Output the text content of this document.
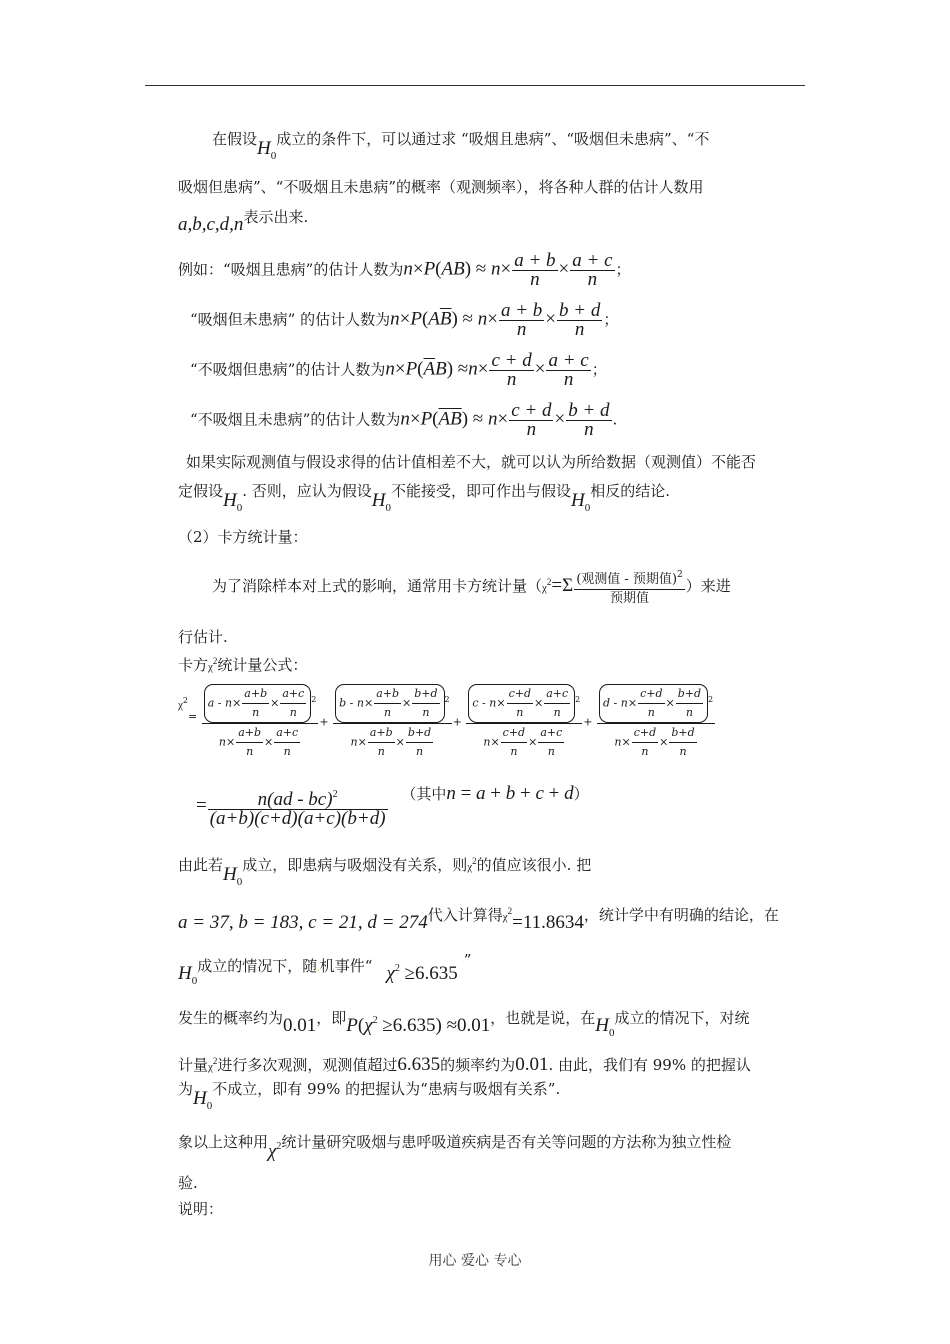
在假设$H_0$成立的条件下，可以通过求 “吸烟且患病”、“吸烟但未患病”、“不
吸烟但患病”、“不吸烟且未患病”的概率（观测频率），将各种人群的估计人数用
a,b,c,d,n表示出来.
例如：“吸烟且患病”的估计人数为$n\times P(AB) \approx n\times \frac{a + b}{n} \times \frac{a + c}{n}$ ；
“吸烟但未患病” 的估计人数为$n\times P(A\overline{B}) \approx n\times \frac{a + b}{n} \times \frac{b + d}{n}$ ；
“不吸烟但患病”的估计人数为$n\times P(\overline{A}B) \approx n\times \frac{c + d}{n} \times \frac{a + c}{n}$ ；
“不吸烟且未患病”的估计人数为$n\times P(\overline{AB}) \approx n\times \frac{c + d}{n} \times \frac{b + d}{n}$ .
如果实际观测值与假设求得的估计值相差不大，就可以认为所给数据（观测值）不能否
定假设$H_0$. 否则，应认为假设$H_0$不能接受，即可作出与假设$H_0$相反的结论.
（2）卡方统计量：
为了消除样本对上式的影响，通常用卡方统计量（$\chi^2=\Sigma \frac{(观测值 - 预期值)^2}{\text{预期值}}$ ）来进
行估计.
卡方$\chi^2$统计量公式：
$\chi^2= \frac{a - n\times \frac{a+b}{n}\times \frac{a+c}{n} ^2}{n\times \frac{a+b}{n}\times \frac{a+c}{n}} + \frac{b - n\times \frac{a+b}{n}\times \frac{b+d}{n} ^2}{n\times \frac{a+b}{n}\times \frac{b+d}{n}} + \frac{c - n\times \frac{c+d}{n}\times \frac{a+c}{n} ^2}{n\times \frac{c+d}{n}\times \frac{a+c}{n}} + \frac{d - n\times \frac{c+d}{n}\times \frac{b+d}{n} ^2}{n\times \frac{c+d}{n}\times \frac{b+d}{n}}$
= $\frac{n(ad - bc)^2}{(a+b)(c+d)(a+c)(b+d)}$ （其中n = a + b + c + d）
由此若$H_0$成立，即患病与吸烟没有关系，则$\chi^2$的值应该很小. 把
a = 37, b = 183, c = 21, d = 274代入计算得$\chi^2=11.8634$，统计学中有明确的结论，在
$H_0$成立的情况下，随.机事件“ $\chi^2 \ge 6.635$”
发生的概率约为0.01，即$P(\chi^2 \ge 6.635) \approx 0.01$，也就是说，在$H_0$成立的情况下，对统
计量$\chi^2$进行多次观测，观测值超过6.635的频率约为0.01. 由此，我们有 99% 的把握认
为$H_0$不成立，即有 99% 的把握认为“患病与吸烟有关系”.
象以上这种用$\chi^2$统计量研究吸烟与患呼吸道疾病是否有关等问题的方法称为独立性检
验.
说明：
用心 爱心 专心
